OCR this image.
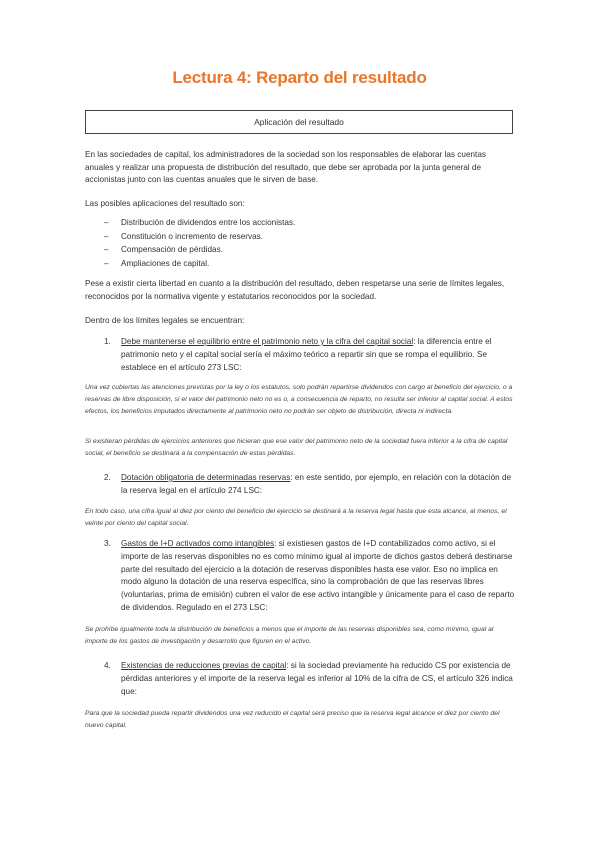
Lectura 4: Reparto del resultado
Aplicación del resultado
En las sociedades de capital, los administradores de la sociedad son los responsables de elaborar las cuentas anuales y realizar una propuesta de distribución del resultado, que debe ser aprobada por la junta general de accionistas junto con las cuentas anuales que le sirven de base.
Las posibles aplicaciones del resultado son:
– Distribución de dividendos entre los accionistas.
– Constitución o incremento de reservas.
– Compensación de pérdidas.
– Ampliaciones de capital.
Pese a existir cierta libertad en cuanto a la distribución del resultado, deben respetarse una serie de límites legales, reconocidos por la normativa vigente y estatutarios reconocidos por la sociedad.
Dentro de los límites legales se encuentran:
1.	Debe mantenerse el equilibrio entre el patrimonio neto y la cifra del capital social: la diferencia entre el patrimonio neto y el capital social sería el máximo teórico a repartir sin que se rompa el equilibrio. Se establece en el artículo 273 LSC:
Una vez cubiertas las atenciones previstas por la ley o los estatutos, solo podrán repartirse dividendos con cargo al beneficio del ejercicio, o a reservas de libre disposición, si el valor del patrimonio neto no es o, a consecuencia de reparto, no resulta ser inferior al capital social. A estos efectos, los beneficios imputados directamente al patrimonio neto no podrán ser objeto de distribución, directa ni indirecta.
Si existieran pérdidas de ejercicios anteriores que hicieran que ese valor del patrimonio neto de la sociedad fuera inferior a la cifra de capital social, el beneficio se destinará a la compensación de estas pérdidas.
2.	Dotación obligatoria de determinadas reservas: en este sentido, por ejemplo, en relación con la dotación de la reserva legal en el artículo 274 LSC:
En todo caso, una cifra igual al diez por ciento del beneficio del ejercicio se destinará a la reserva legal hasta que esta alcance, al menos, el veinte por ciento del capital social.
3.	Gastos de I+D activados como intangibles: si existiesen gastos de I+D contabilizados como activo, si el importe de las reservas disponibles no es como mínimo igual al importe de dichos gastos deberá destinarse parte del resultado del ejercicio a la dotación de reservas disponibles hasta ese valor. Eso no implica en modo alguno la dotación de una reserva específica, sino la comprobación de que las reservas libres (voluntarias, prima de emisión) cubren el valor de ese activo intangible y únicamente para el caso de reparto de dividendos. Regulado en el 273 LSC:
Se prohíbe igualmente toda la distribución de beneficios a menos que el importe de las reservas disponibles sea, como mínimo, igual al importe de los gastos de investigación y desarrollo que figuren en el activo.
4.	Existencias de reducciones previas de capital: si la sociedad previamente ha reducido CS por existencia de pérdidas anteriores y el importe de la reserva legal es inferior al 10% de la cifra de CS, el artículo 326 indica que:
Para que la sociedad pueda repartir dividendos una vez reducido el capital será preciso que la reserva legal alcance el diez por ciento del nuevo capital.
